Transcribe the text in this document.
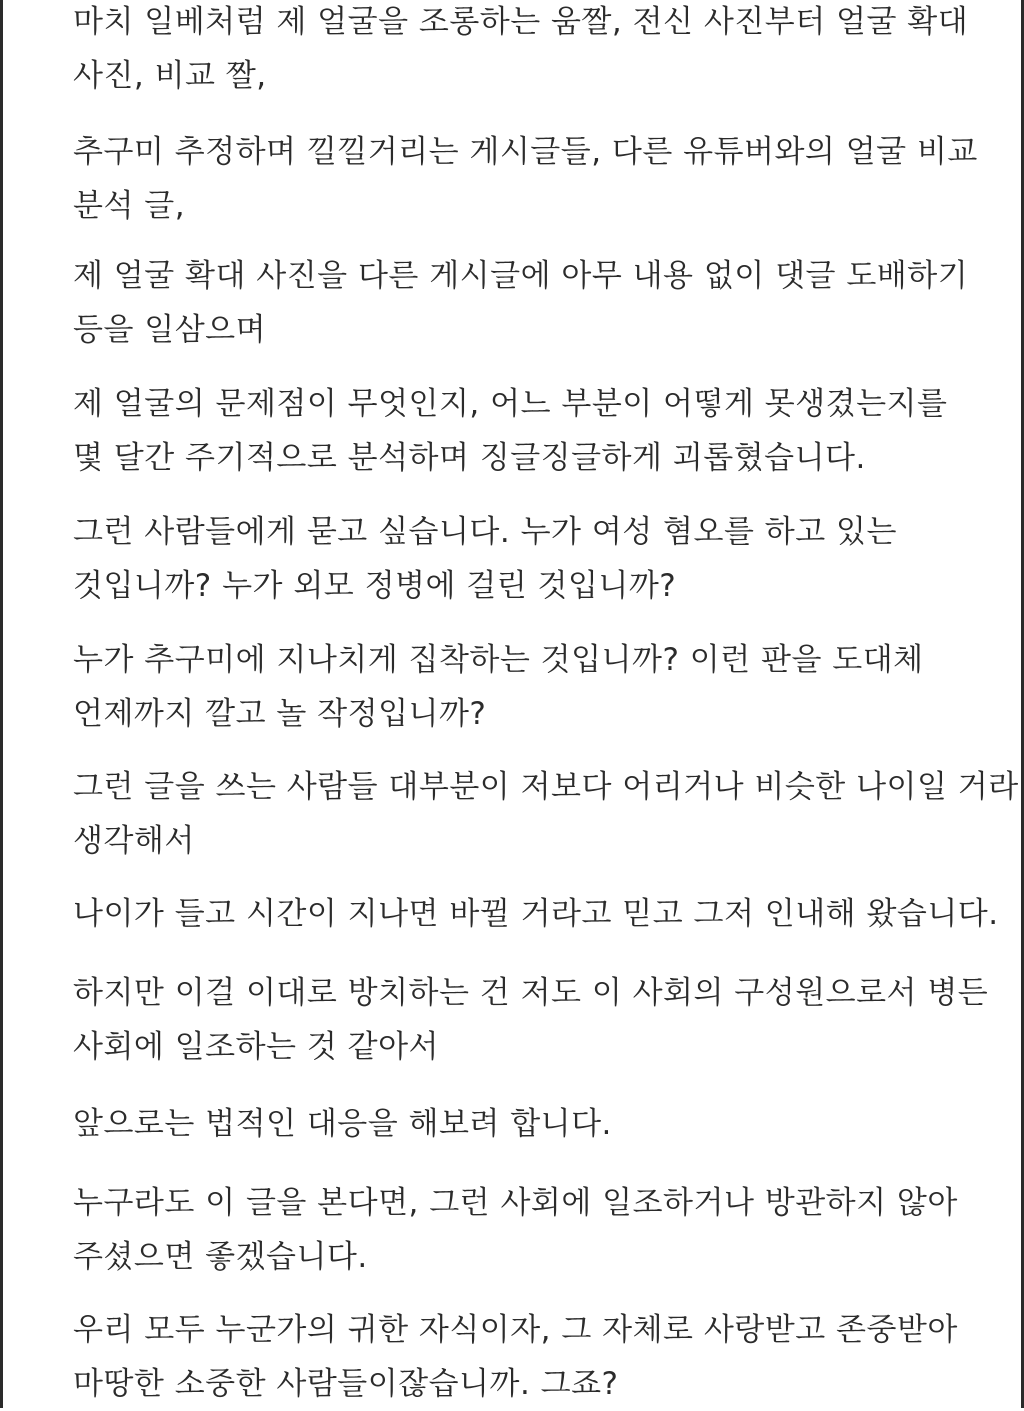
마치 일베처럼 제 얼굴을 조롱하는 움짤, 전신 사진부터 얼굴 확대
사진, 비교 짤,

추구미 추정하며 낄낄거리는 게시글들, 다른 유튜버와의 얼굴 비교
분석 글,

제 얼굴 확대 사진을 다른 게시글에 아무 내용 없이 댓글 도배하기
등을 일삼으며

제 얼굴의 문제점이 무엇인지, 어느 부분이 어떻게 못생겼는지를
몇 달간 주기적으로 분석하며 징글징글하게 괴롭혔습니다.

그런 사람들에게 묻고 싶습니다. 누가 여성 혐오를 하고 있는
것입니까? 누가 외모 정병에 걸린 것입니까?

누가 추구미에 지나치게 집착하는 것입니까? 이런 판을 도대체
언제까지 깔고 놀 작정입니까?

그런 글을 쓰는 사람들 대부분이 저보다 어리거나 비슷한 나이일 거라
생각해서

나이가 들고 시간이 지나면 바뀔 거라고 믿고 그저 인내해 왔습니다.

하지만 이걸 이대로 방치하는 건 저도 이 사회의 구성원으로서 병든
사회에 일조하는 것 같아서

앞으로는 법적인 대응을 해보려 합니다.

누구라도 이 글을 본다면, 그런 사회에 일조하거나 방관하지 않아
주셨으면 좋겠습니다.

우리 모두 누군가의 귀한 자식이자, 그 자체로 사랑받고 존중받아
마땅한 소중한 사람들이잖습니까. 그죠?
